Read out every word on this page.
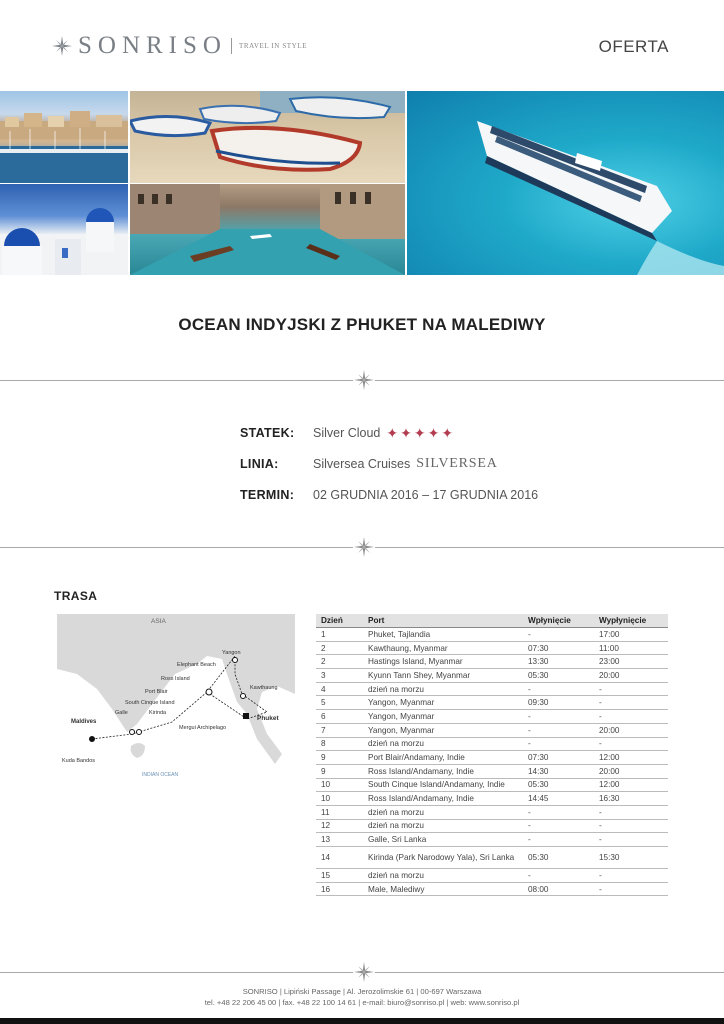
SONRISO TRAVEL IN STYLE	OFERTA
OCEAN INDYJSKI Z PHUKET NA MALEDIWY
STATEK:	Silver Cloud ✦ ✦ ✦ ✦ ✦
LINIA:	Silversea Cruises SILVERSEA
TERMIN:	02 GRUDNIA 2016 – 17 GRUDNIA 2016
TRASA
ASIA
Yangon
Elephant Beach
Ross Island
Port Blair
South Cinque Island
Galle	Kirinda
Maldives
Kuda Bandos
Kawthaung
Phuket
Mergui Archipelago
INDIAN OCEAN
Dzień	Port	Wpłynięcie	Wypłynięcie
1	Phuket, Tajlandia	-	17:00
2	Kawthaung, Myanmar	07:30	11:00
2	Hastings Island, Myanmar	13:30	23:00
3	Kyunn Tann Shey, Myanmar	05:30	20:00
4	dzień na morzu	-	-
5	Yangon, Myanmar	09:30	-
6	Yangon, Myanmar	-	-
7	Yangon, Myanmar	-	20:00
8	dzień na morzu	-	-
9	Port Blair/Andamany, Indie	07:30	12:00
9	Ross Island/Andamany, Indie	14:30	20:00
10	South Cinque Island/Andamany, Indie	05:30	12:00
10	Ross Island/Andamany, Indie	14:45	16:30
11	dzień na morzu	-	-
12	dzień na morzu	-	-
13	Galle, Sri Lanka	-	-
14	Kirinda (Park Narodowy Yala), Sri Lanka	05:30	15:30
15	dzień na morzu	-	-
16	Male, Malediwy	08:00	-
SONRISO | Lipiński Passage | Al. Jerozolimskie 61 | 00-697 Warszawa
tel. +48 22 206 45 00 | fax. +48 22 100 14 61 | e-mail: biuro@sonriso.pl | web: www.sonriso.pl
